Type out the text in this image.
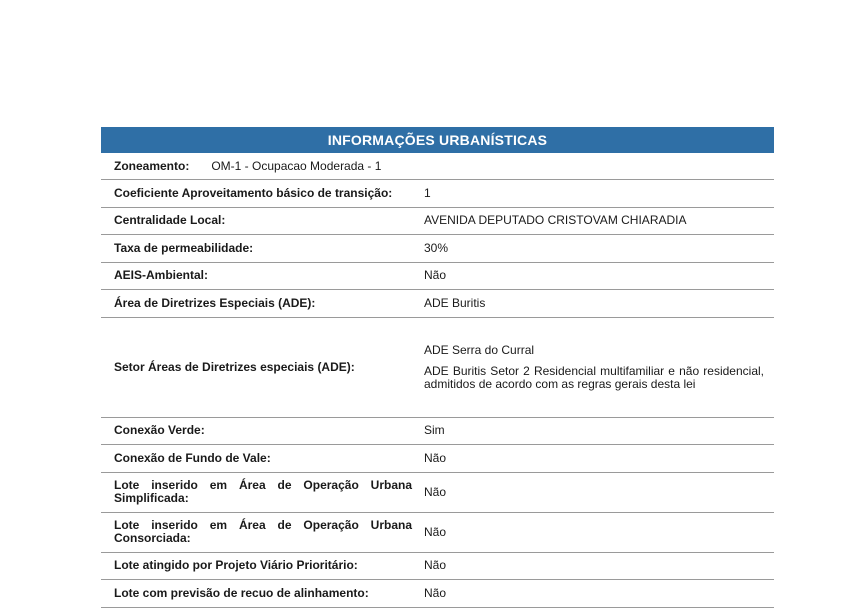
INFORMAÇÕES URBANÍSTICAS
Zoneamento:	OM-1 - Ocupacao Moderada - 1
Coeficiente Aproveitamento básico de transição:	1
Centralidade Local:	AVENIDA DEPUTADO CRISTOVAM CHIARADIA
Taxa de permeabilidade:	30%
AEIS-Ambiental:	Não
Área de Diretrizes Especiais (ADE):	ADE Buritis
Setor Áreas de Diretrizes especiais (ADE):

ADE Serra do Curral

ADE Buritis Setor 2 Residencial multifamiliar e não residencial, admitidos de acordo com as regras gerais desta lei

Conexão Verde:	Sim
Conexão de Fundo de Vale:	Não
Lote inserido em Área de Operação Urbana Simplificada:	Não
Lote inserido em Área de Operação Urbana Consorciada:	Não
Lote atingido por Projeto Viário Prioritário:	Não
Lote com previsão de recuo de alinhamento:	Não
